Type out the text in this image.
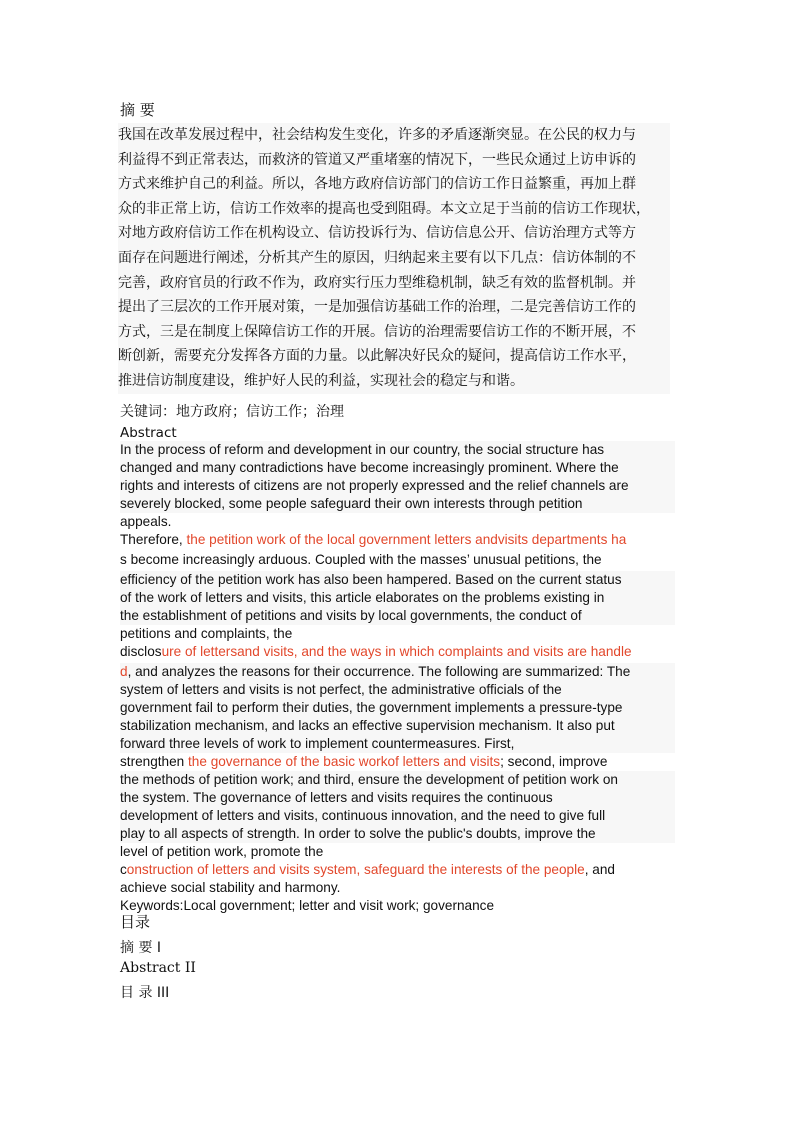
摘 要
我国在改革发展过程中，社会结构发生变化，许多的矛盾逐渐突显。在公民的权力与
利益得不到正常表达，而救济的管道又严重堵塞的情况下，一些民众通过上访申诉的
方式来维护自己的利益。所以，各地方政府信访部门的信访工作日益繁重，再加上群
众的非正常上访，信访工作效率的提高也受到阻碍。本文立足于当前的信访工作现状，
对地方政府信访工作在机构设立、信访投诉行为、信访信息公开、信访治理方式等方
面存在问题进行阐述，分析其产生的原因，归纳起来主要有以下几点：信访体制的不
完善，政府官员的行政不作为，政府实行压力型维稳机制，缺乏有效的监督机制。并
提出了三层次的工作开展对策，一是加强信访基础工作的治理，二是完善信访工作的
方式，三是在制度上保障信访工作的开展。信访的治理需要信访工作的不断开展，不
断创新，需要充分发挥各方面的力量。以此解决好民众的疑问，提高信访工作水平，
推进信访制度建设，维护好人民的利益，实现社会的稳定与和谐。
关键词：地方政府；信访工作；治理
Abstract
In the process of reform and development in our country, the social structure has
changed and many contradictions have become increasingly prominent. Where the
rights and interests of citizens are not properly expressed and the relief channels are
severely blocked, some people safeguard their own interests through petition
appeals.
Therefore, the petition work of the local government letters andvisits departments ha
s become increasingly arduous. Coupled with the masses’ unusual petitions, the
efficiency of the petition work has also been hampered. Based on the current status
of the work of letters and visits, this article elaborates on the problems existing in
the establishment of petitions and visits by local governments, the conduct of
petitions and complaints, the
disclosure of lettersand visits, and the ways in which complaints and visits are handle
d, and analyzes the reasons for their occurrence. The following are summarized: The
system of letters and visits is not perfect, the administrative officials of the
government fail to perform their duties, the government implements a pressure-type
stabilization mechanism, and lacks an effective supervision mechanism. It also put
forward three levels of work to implement countermeasures. First,
strengthen the governance of the basic workof letters and visits; second, improve
the methods of petition work; and third, ensure the development of petition work on
the system. The governance of letters and visits requires the continuous
development of letters and visits, continuous innovation, and the need to give full
play to all aspects of strength. In order to solve the public's doubts, improve the
level of petition work, promote the
construction of letters and visits system, safeguard the interests of the people, and
achieve social stability and harmony.
Keywords:Local government; letter and visit work; governance
目录
摘 要 I
Abstract II
目 录 III
